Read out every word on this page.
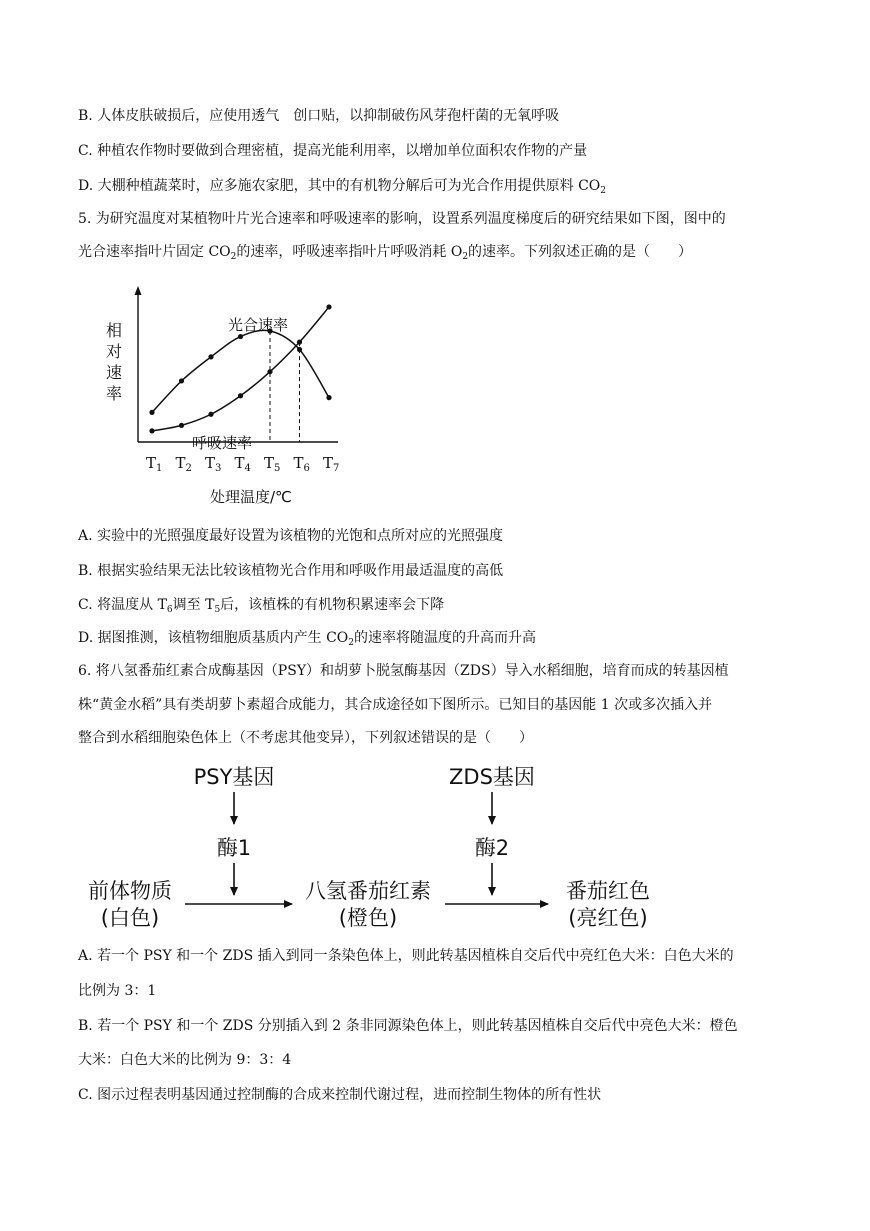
B. 人体皮肤破损后，应使用透气　创口贴，以抑制破伤风芽孢杆菌的无氧呼吸
C. 种植农作物时要做到合理密植，提高光能利用率，以增加单位面积农作物的产量
D. 大棚种植蔬菜时，应多施农家肥，其中的有机物分解后可为光合作用提供原料 $CO_2$
5. 为研究温度对某植物叶片光合速率和呼吸速率的影响，设置系列温度梯度后的研究结果如下图，图中的
光合速率指叶片固定 $CO_2$的速率，呼吸速率指叶片呼吸消耗 $O_2$的速率。下列叙述正确的是（　　）
相
对
速
率
$T_1$ $T_2$ $T_3$ $T_4$ $T_5$ $T_6$ $T_7$
光合速率
呼吸速率
处理温度/℃
A. 实验中的光照强度最好设置为该植物的光饱和点所对应的光照强度
B. 根据实验结果无法比较该植物光合作用和呼吸作用最适温度的高低
C. 将温度从 $T_6$调至 $T_5$后，该植株的有机物积累速率会下降
D. 据图推测，该植物细胞质基质内产生 $CO_2$的速率将随温度的升高而升高
6. 将八氢番茄红素合成酶基因（PSY）和胡萝卜脱氢酶基因（ZDS）导入水稻细胞，培育而成的转基因植
株“黄金水稻”具有类胡萝卜素超合成能力，其合成途径如下图所示。已知目的基因能 1 次或多次插入并
整合到水稻细胞染色体上（不考虑其他变异），下列叙述错误的是（　　）
PSY基因
酶1
ZDS基因
酶2
前体物质
(白色)
八氢番茄红素
(橙色)
番茄红色
(亮红色)
A. 若一个 PSY 和一个 ZDS 插入到同一条染色体上，则此转基因植株自交后代中亮红色大米：白色大米的
比例为 3：1
B. 若一个 PSY 和一个 ZDS 分别插入到 2 条非同源染色体上，则此转基因植株自交后代中亮色大米：橙色
大米：白色大米的比例为 9：3：4
C. 图示过程表明基因通过控制酶的合成来控制代谢过程，进而控制生物体的所有性状
